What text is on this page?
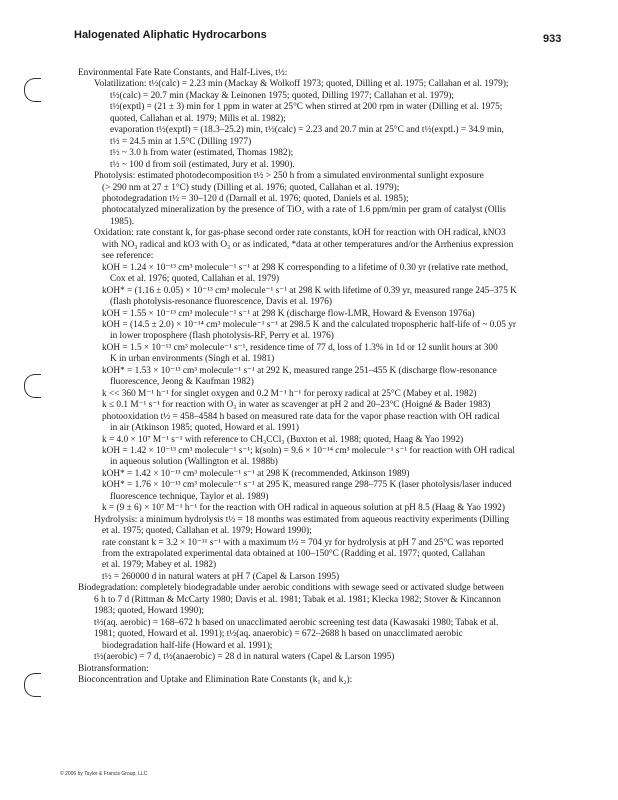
Halogenated Aliphatic Hydrocarbons	933
Environmental Fate Rate Constants, and Half-Lives, t½:
Volatilization: t½(calc) = 2.23 min (Mackay & Wolkoff 1973; quoted, Dilling et al. 1975; Callahan et al. 1979);
t½(calc) = 20.7 min (Mackay & Leinonen 1975; quoted, Dilling 1977; Callahan et al. 1979);
t½(exptl) = (21 ± 3) min for 1 ppm in water at 25°C when stirred at 200 rpm in water (Dilling et al. 1975;
quoted, Callahan et al. 1979; Mills et al. 1982);
evaporation t½(exptl) = (18.3–25.2) min, t½(calc) = 2.23 and 20.7 min at 25°C and t½(exptl.) = 34.9 min,
t½ = 24.5 min at 1.5°C (Dilling 1977)
t½ ~ 3.0 h from water (estimated, Thomas 1982);
t½ ~ 100 d from soil (estimated, Jury et al. 1990).
Photolysis: estimated photodecomposition t½ > 250 h from a simulated environmental sunlight exposure
(> 290 nm at 27 ± 1°C) study (Dilling et al. 1976; quoted, Callahan et al. 1979);
photodegradation t½ = 30–120 d (Darnall et al. 1976; quoted, Daniels et al. 1985);
photocatalyzed mineralization by the presence of TiO₂ with a rate of 1.6 ppm/min per gram of catalyst (Ollis
1985).
Oxidation: rate constant k, for gas-phase second order rate constants, kOH for reaction with OH radical, kNO3
with NO₃ radical and kO3 with O₃ or as indicated, *data at other temperatures and/or the Arrhenius expression
see reference:
kOH = 1.24 × 10⁻¹³ cm³ molecule⁻¹ s⁻¹ at 298 K corresponding to a lifetime of 0.30 yr (relative rate method,
Cox et al. 1976; quoted, Callahan et al. 1979)
kOH* = (1.16 ± 0.05) × 10⁻¹³ cm³ molecule⁻¹ s⁻¹ at 298 K with lifetime of 0.39 yr, measured range 245–375 K
(flash photolysis-resonance fluorescence, Davis et al. 1976)
kOH = 1.55 × 10⁻¹³ cm³ molecule⁻¹ s⁻¹ at 298 K (discharge flow-LMR, Howard & Evenson 1976a)
kOH = (14.5 ± 2.0) × 10⁻¹⁴ cm³ molecule⁻¹ s⁻¹ at 298.5 K and the calculated tropospheric half-life of ~ 0.05 yr
in lower troposphere (flash photolysis-RF, Perry et al. 1976)
kOH = 1.5 × 10⁻¹³ cm³ molecule⁻¹ s⁻¹, residence time of 77 d, loss of 1.3% in 1d or 12 sunlit hours at 300
K in urban environments (Singh et al. 1981)
kOH* = 1.53 × 10⁻¹³ cm³ molecule⁻¹ s⁻¹ at 292 K, measured range 251–455 K (discharge flow-resonance
fluorescence, Jeong & Kaufman 1982)
k << 360 M⁻¹ h⁻¹ for singlet oxygen and 0.2 M⁻¹ h⁻¹ for peroxy radical at 25°C (Mabey et al. 1982)
k ≤ 0.1 M⁻¹ s⁻¹ for reaction with O₃ in water as scavenger at pH 2 and 20–23°C (Hoigné & Bader 1983)
photooxidation t½ = 458–4584 h based on measured rate data for the vapor phase reaction with OH radical
in air (Atkinson 1985; quoted, Howard et al. 1991)
k = 4.0 × 10⁷ M⁻¹ s⁻¹ with reference to CH₃CCl₃ (Buxton et al. 1988; quoted, Haag & Yao 1992)
kOH = 1.42 × 10⁻¹³ cm³ molecule⁻¹ s⁻¹; k(soln) = 9.6 × 10⁻¹⁴ cm³ molecule⁻¹ s⁻¹ for reaction with OH radical
in aqueous solution (Wallington et al. 1988b)
kOH* = 1.42 × 10⁻¹³ cm³ molecule⁻¹ s⁻¹ at 298 K (recommended, Atkinson 1989)
kOH* = 1.76 × 10⁻¹³ cm³ molecule⁻¹ s⁻¹ at 295 K, measured range 298–775 K (laser photolysis/laser induced
fluorescence technique, Taylor et al. 1989)
k = (9 ± 6) × 10⁷ M⁻¹ h⁻¹ for the reaction with OH radical in aqueous solution at pH 8.5 (Haag & Yao 1992)
Hydrolysis: a minimum hydrolysis t½ = 18 months was estimated from aqueous reactivity experiments (Dilling
et al. 1975; quoted, Callahan et al. 1979; Howard 1990);
rate constant k = 3.2 × 10⁻¹¹ s⁻¹ with a maximum t½ = 704 yr for hydrolysis at pH 7 and 25°C was reported
from the extrapolated experimental data obtained at 100–150°C (Radding et al. 1977; quoted, Callahan
et al. 1979; Mabey et al. 1982)
t½ = 260000 d in natural waters at pH 7 (Capel & Larson 1995)
Biodegradation: completely biodegradable under aerobic conditions with sewage seed or activated sludge between
6 h to 7 d (Rittman & McCarty 1980; Davis et al. 1981; Tabak et al. 1981; Klecka 1982; Stover & Kincannon
1983; quoted, Howard 1990);
t½(aq. aerobic) = 168–672 h based on unacclimated aerobic screening test data (Kawasaki 1980; Tabak et al.
1981; quoted, Howard et al. 1991); t½(aq. anaerobic) = 672–2688 h based on unacclimated aerobic
biodegradation half-life (Howard et al. 1991);
t½(aerobic) = 7 d, t½(anaerobic) = 28 d in natural waters (Capel & Larson 1995)
Biotransformation:
Bioconcentration and Uptake and Elimination Rate Constants (k₁ and k₂):
© 2006 by Taylor & Francis Group, LLC
